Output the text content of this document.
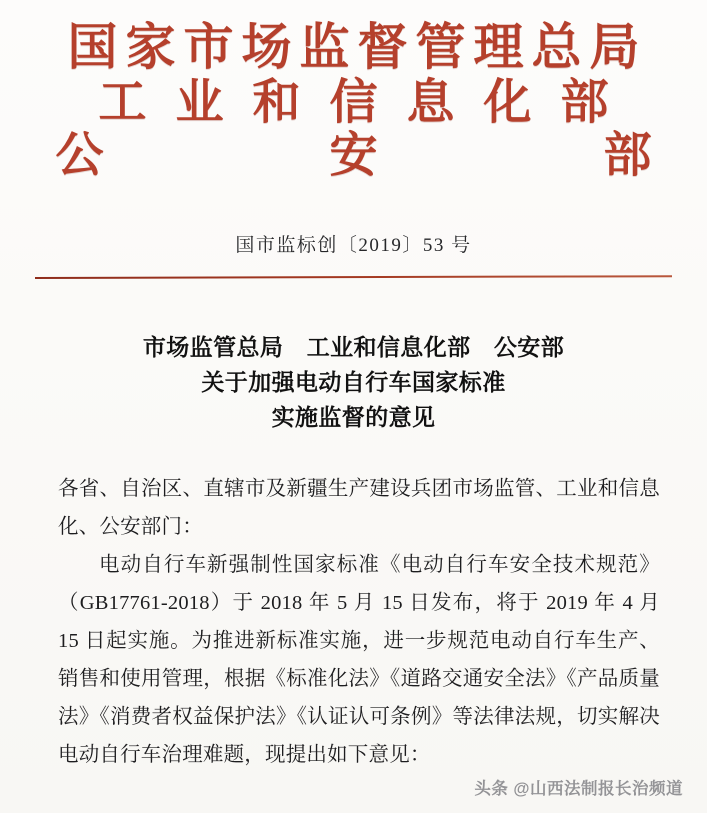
国家市场监督管理总局
工业和信息化部
公	安	部
国市监标创〔2019〕53 号
市场监管总局　工业和信息化部　公安部
关于加强电动自行车国家标准
实施监督的意见

各省、自治区、直辖市及新疆生产建设兵团市场监管、工业和信息化、公安部门：

电动自行车新强制性国家标准《电动自行车安全技术规范》（GB17761-2018）于 2018 年 5 月 15 日发布，将于 2019 年 4 月 15 日起实施。为推进新标准实施，进一步规范电动自行车生产、销售和使用管理，根据《标准化法》《道路交通安全法》《产品质量法》《消费者权益保护法》《认证认可条例》等法律法规，切实解决电动自行车治理难题，现提出如下意见：

头条 @山西法制报长治频道
